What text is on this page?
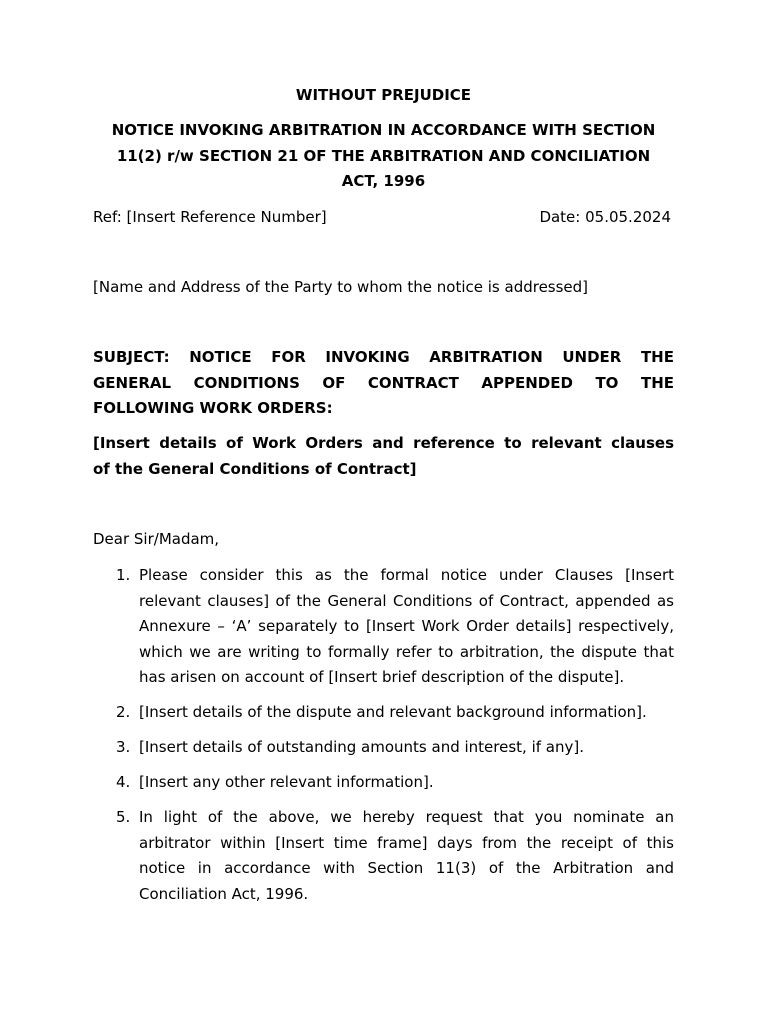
WITHOUT PREJUDICE
NOTICE INVOKING ARBITRATION IN ACCORDANCE WITH SECTION
11(2) r/w SECTION 21 OF THE ARBITRATION AND CONCILIATION
ACT, 1996
Ref: [Insert Reference Number]	Date: 05.05.2024
[Name and Address of the Party to whom the notice is addressed]
SUBJECT: NOTICE FOR INVOKING ARBITRATION UNDER THE
GENERAL CONDITIONS OF CONTRACT APPENDED TO THE
FOLLOWING WORK ORDERS:
[Insert details of Work Orders and reference to relevant clauses
of the General Conditions of Contract]
Dear Sir/Madam,
1. Please consider this as the formal notice under Clauses [Insert relevant clauses] of the General Conditions of Contract, appended as Annexure – ‘A’ separately to [Insert Work Order details] respectively, which we are writing to formally refer to arbitration, the dispute that has arisen on account of [Insert brief description of the dispute].
2. [Insert details of the dispute and relevant background information].
3. [Insert details of outstanding amounts and interest, if any].
4. [Insert any other relevant information].
5. In light of the above, we hereby request that you nominate an arbitrator within [Insert time frame] days from the receipt of this notice in accordance with Section 11(3) of the Arbitration and Conciliation Act, 1996.
